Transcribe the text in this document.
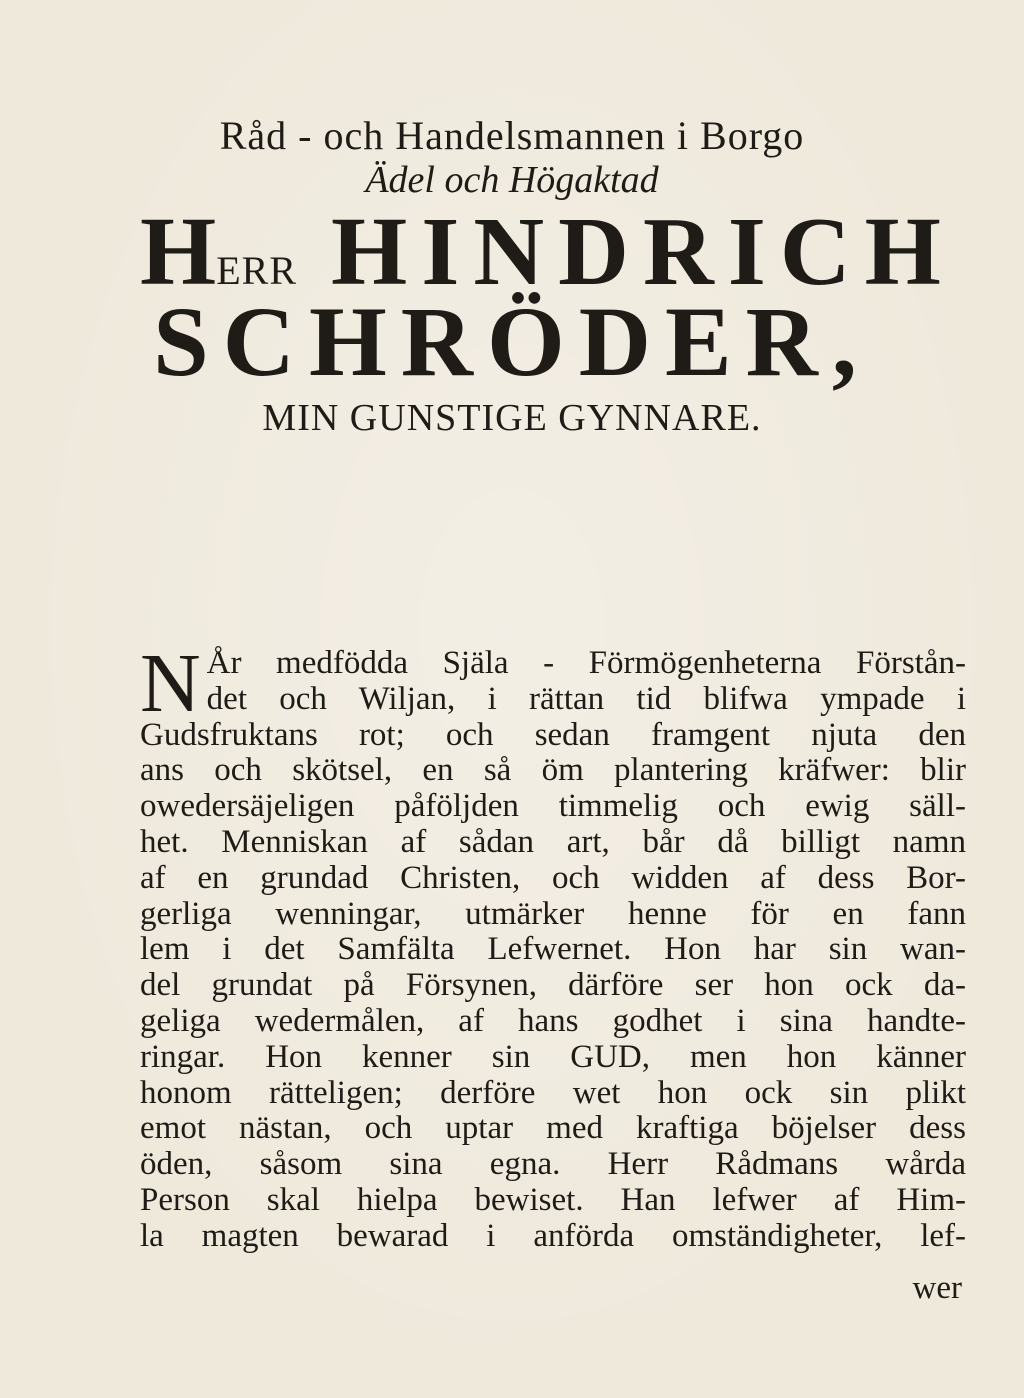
Råd - och Handelsmannen i Borgo
Ädel och Högaktad
HERR HINDRICH
SCHRÖDER,
MIN GUNSTIGE GYNNARE.
N År medfödda Själa - Förmögenheterna Förstån-
det och Wiljan, i rättan tid blifwa ympade i
Gudsfruktans rot; och sedan framgent njuta den
ans och skötsel, en så öm plantering kräfwer: blir
owedersäjeligen påföljden timmelig och ewig säll-
het. Menniskan af sådan art, bår då billigt namn
af en grundad Christen, och widden af dess Bor-
gerliga wenningar, utmärker henne för en fann
lem i det Samfälta Lefwernet. Hon har sin wan-
del grundat på Försynen, därföre ser hon ock da-
geliga wedermålen, af hans godhet i sina handte-
ringar. Hon kenner sin GUD, men hon känner
honom rätteligen; derföre wet hon ock sin plikt
emot nästan, och uptar med kraftiga böjelser dess
öden, såsom sina egna. Herr Rådmans wårda
Person skal hielpa bewiset. Han lefwer af Him-
la magten bewarad i anförda omständigheter, lef-
wer
